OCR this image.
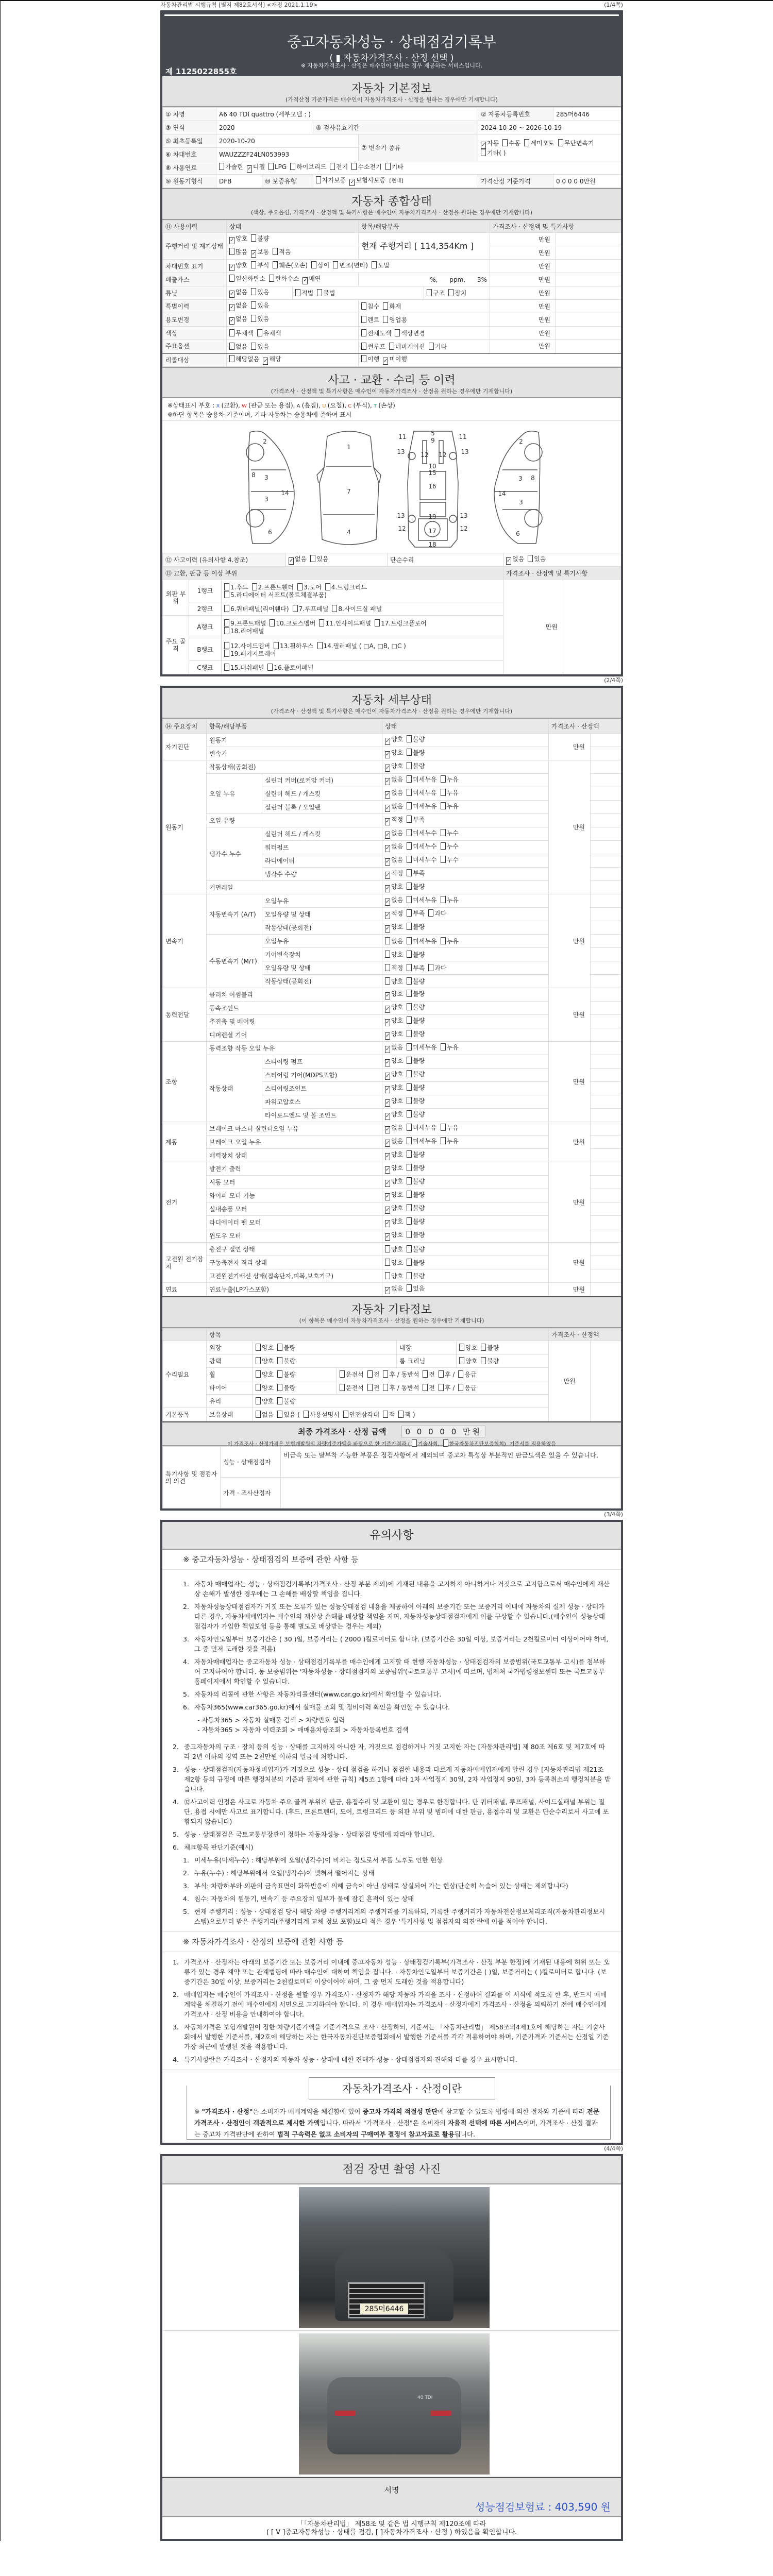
자동차관리법 시행규칙 [별지 제82호서식] <개정 2021.1.19>	(1/4쪽)
중고자동차성능 · 상태점검기록부
( ▮ 자동차가격조사 · 산정 선택 )
※ 자동차가격조사 · 산정은 매수인이 원하는 경우 제공하는 서비스입니다.
제 1125022855호
자동차 기본정보
(가격산정 기준가격은 매수인이 자동차가격조사 · 산정을 원하는 경우에만 기재합니다)
① 차명	A6 40 TDI quattro (세부모델 : )				② 자동차등록번호	285머6446
③ 연식	2020		④ 검사유효기간		2024-10-20 ~ 2026-10-19	
⑤ 최초등록일	2020-10-20			⑦ 변속기 종류	✓ 자동 수동 세미오토 무단변속기기타( )	
⑥ 차대번호	WAUZZZF24LN053993					
⑧ 사용연료	가솔린 ✓ 디젤 LPG 하이브리드 전기 수소전기 기타					
⑨ 원동기형식	DFB	⑩ 보증유형	자가보증 ✓ 보험사보증 [현대]		가격산정 기준가격	0 0 0 0 0만원
자동차 종합상태
(색상, 주요옵션, 가격조사 · 산정액 및 특기사항은 매수인이 자동차가격조사 · 산정을 원하는 경우에만 기재합니다)
⑪ 사용이력	상태		항목/해당부품		가격조사 · 산정액 및 특기사항	
주행거리 및 계기상태	✓ 양호 불량		현재 주행거리 [ 114,354Km ]		만원	
	많음 ✓ 보통 적음				만원	
차대번호 표기	✓ 양호 부식 훼손(오손) 상이 변조(변타) 도말				만원	
배출가스	일산화탄소 탄화수소 ✓ 매연		%,      ppm,      3%		만원	
튜닝	✓ 없음 있음	적법 불법		구조 장치	만원	
특별이력	✓ 없음 있음		침수 화재		만원	
용도변경	✓ 없음 있음		렌트 영업용		만원	
색상	무채색 유채색		전체도색 색상변경		만원	
주요옵션	없음 있음		썬루프 네비게이션 기타		만원	
리콜대상	해당없음 ✓ 해당		이행 ✓ 미이행			
사고 · 교환 · 수리 등 이력
(가격조사 · 산정액 및 특기사항은 매수인이 자동차가격조사 · 산정을 원하는 경우에만 기재합니다)
※상태표시 부호 : X (교환), W (판금 또는 용접), A (흠집), U (요철), C (부식), T (손상)
※하단 항목은 승용차 기준이며, 기타 자동차는 승용차에 준하여 표시
2
8 3
14
3
6
1
7
4
5
9
11	11
13	13
12 12
10
15
16
13	13
19
12	12
17
18
2
8
3
14
3
6
⑫ 사고이력 (유의사항 4.참조)	✓ 없음 있음	단순수리	✓ 없음 있음
⑬ 교환, 판금 등 이상 부위			가격조사 · 산정액 및 특기사항	
외판 부위	1랭크	1.후드 2.프론트휀더 3.도어 4.트렁크리드
5.라디에이터 서포트(볼트체결부품)	만원	
	2랭크	6.쿼터패널(리어휀다) 7.루프패널 8.사이드실 패널		

주요 골격	A랭크	9.프론트패널 10.크로스멤버 11.인사이드패널 17.트렁크플로어
18.리어패널		

	B랭크	12.사이드멤버 13.휠하우스 14.필러패널 ( □A, □B, □C )
19.패키지트레이		

	C랭크	15.대쉬패널 16.플로어패널		
(2/4쪽)
자동차 세부상태
(가격조사 · 산정액 및 특기사항은 매수인이 자동차가격조사 · 산정을 원하는 경우에만 기재합니다)
⑭ 주요장치	항목/해당부품		상태	가격조사 · 산정액	
자기진단	원동기		✓ 양호 불량	만원	
	변속기		✓ 양호 불량		
원동기	작동상태(공회전)		✓ 양호 불량	만원	
	오일 누유	실린더 커버(로커암 커버)	✓ 없음 미세누유 누유		
		실린더 헤드 / 개스킷	✓ 없음 미세누유 누유		
		실린더 블록 / 오일팬	✓ 없음 미세누유 누유		
	오일 유량		✓ 적정 부족		
	냉각수 누수	실린더 헤드 / 개스킷	✓ 없음 미세누수 누수		
		워터펌프	✓ 없음 미세누수 누수		
		라디에이터	✓ 없음 미세누수 누수		
		냉각수 수량	✓ 적정 부족		
	커먼레일		✓ 양호 불량		
변속기	자동변속기 (A/T)	오일누유	✓ 없음 미세누유 누유	만원	
		오일유량 및 상태	✓ 적정 부족 과다		
		작동상태(공회전)	✓ 양호 불량		
	수동변속기 (M/T)	오일누유	없음 미세누유 누유		
		기어변속장치	양호 불량		
		오일유량 및 상태	적정 부족 과다		
		작동상태(공회전)	양호 불량		
동력전달	클러치 어셈블리		✓ 양호 불량	만원	
	등속조인트		✓ 양호 불량		
	추진축 및 베어링		✓ 양호 불량		
	디퍼렌셜 기어		✓ 양호 불량		
조향	동력조향 작동 오일 누유		✓ 없음 미세누유 누유	만원	
	작동상태	스티어링 펌프	✓ 양호 불량		
		스티어링 기어(MDPS포함)	✓ 양호 불량		
		스티어링조인트	✓ 양호 불량		
		파워고압호스	✓ 양호 불량		
		타이로드엔드 및 볼 조인트	✓ 양호 불량		
제동	브레이크 마스터 실린더오일 누유		✓ 없음 미세누유 누유	만원	
	브레이크 오일 누유		✓ 없음 미세누유 누유		
	배력장치 상태		✓ 양호 불량		
전기	발전기 출력		✓ 양호 불량	만원	
	시동 모터		✓ 양호 불량		
	와이퍼 모터 기능		✓ 양호 불량		
	실내송풍 모터		✓ 양호 불량		
	라디에이터 팬 모터		✓ 양호 불량		
	윈도우 모터		✓ 양호 불량		
고전원 전기장치	충전구 절연 상태		양호 불량	만원	
	구동축전지 격리 상태		양호 불량		
	고전원전기배선 상태(접속단자,피복,보호기구)		양호 불량		
연료	연료누출(LP가스포함)		✓ 없음 있음	만원	
자동차 기타정보
(이 항목은 매수인이 자동차가격조사 · 산정을 원하는 경우에만 기재합니다)
	항목					가격조사 · 산정액	
수리필요	외장	양호 불량		내장	양호 불량	만원	
	광택	양호 불량		룸 크리닝	양호 불량		
	휠	양호 불량	운전석 전 후 / 동반석 전 후 / 응급				
	타이어	양호 불량	운전석 전 후 / 동반석 전 후 / 응급				
	유리	양호 불량					
기본품목	보유상태	없음 있음 ( 사용설명서 안전삼각대 잭 잭 )					
최종 가격조사 · 산정 금액 0 0 0 0 0 만원
이 가격조사 · 산정가격은 보험개발원의 차량기준가액을 바탕으로 한 기준가격과 ( 기술사회, 한국자동차진단보증협회) 기준서를 적용하였음
특기사항 및 점검자의 의견	성능 · 상태점검자	비금속 또는 탈부착 가능한 부품은 점검사항에서 제외되며 중고차 특성상 부분적인 판금도색은 있을 수 있습니다.
	가격 · 조사산정자	
(3/4쪽)
유의사항
※ 중고자동차성능 · 상태점검의 보증에 관한 사항 등
1. 자동차 매매업자는 성능 · 상태점검기록부(가격조사 · 산정 부분 제외)에 기재된 내용을 고지하지 아니하거나 거짓으로 고지함으로써 매수인에게 재산상 손해가 발생한 경우에는 그 손해를 배상할 책임을 집니다.
2. 자동차성능상태점검자가 거짓 또는 오류가 있는 성능상태점검 내용을 제공하여 아래의 보증기간 또는 보증거리 이내에 자동차의 실제 성능 · 상태가 다른 경우, 자동차매매업자는 매수인의 재산상 손해를 배상할 책임을 지며, 자동차성능상태점검자에게 이를 구상할 수 있습니다.(매수인이 성능상태점검자가 가입한 책임보험 등을 통해 별도로 배상받는 경우는 제외)
3. 자동차인도일부터 보증기간은 ( 30 )일, 보증거리는 ( 2000 )킬로미터로 합니다. (보증기간은 30일 이상, 보증거리는 2천킬로미터 이상이어야 하며, 그 중 먼저 도래한 것을 적용)
4. 자동차매매업자는 중고자동차 성능 · 상태점검기록부를 매수인에게 고지할 때 현행 자동차성능 · 상태점검자의 보증범위(국토교통부 고시)를 첨부하여 고지하여야 합니다. 동 보증범위는 '자동차성능 · 상태점검자의 보증범위'(국토교통부 고시)에 따르며, 법제처 국가법령정보센터 또는 국토교통부 홈페이지에서 확인할 수 있습니다.
5. 자동차의 리콜에 관한 사항은 자동차리콜센터(www.car.go.kr)에서 확인할 수 있습니다.
6. 자동차365(www.car365.go.kr)에서 실매물 조회 및 정비이력 확인을 확인할 수 있습니다.
- 자동차365 > 자동차 실매물 검색 > 차량번호 입력
- 자동차365 > 자동차 이력조회 > 매매용차량조회 > 자동차등록번호 검색
2. 중고자동차의 구조 · 장치 등의 성능 · 상태를 고지하지 아니한 자, 거짓으로 점검하거나 거짓 고지한 자는 [자동차관리법] 제 80조 제6호 및 제7호에 따라 2년 이하의 징역 또는 2천만원 이하의 벌금에 처합니다.
3. 성능 · 상태점검자(자동차정비업자)가 거짓으로 성능 · 상태 점검을 하거나 점검한 내용과 다르게 자동차매매업자에게 알린 경우 [자동차관리법 제21조 제2항 등의 규정에 따른 행정처분의 기준과 절차에 관한 규칙] 제5조 1항에 따라 1차 사업정지 30일, 2차 사업정지 90일, 3차 등록취소의 행정처분을 받습니다.
4. ⑫사고이력 인정은 사고로 자동차 주요 골격 부위의 판금, 용접수리 및 교환이 있는 경우로 한정합니다. 단 쿼터패널, 루프패널, 사이드실패널 부위는 절단, 용접 시에만 사고로 표기합니다. (후드, 프론트펜더, 도어, 트렁크리드 등 외판 부위 및 범퍼에 대한 판금, 용접수리 및 교환은 단순수리로서 사고에 포함되지 않습니다)
5. 성능 · 상태점검은 국토교통부장관이 정하는 자동차성능 · 상태점검 방법에 따라야 합니다.
6. 체크항목 판단기준(예시)
1. 미세누유(미세누수) : 해당부위에 오일(냉각수)이 비치는 정도로서 부품 노후로 인한 현상
2. 누유(누수) : 해당부위에서 오일(냉각수)이 맺혀서 떨어지는 상태
3. 부식: 차량하부와 외판의 금속표면이 화학반응에 의해 금속이 아닌 상태로 상실되어 가는 현상(단순히 녹슬어 있는 상태는 제외합니다)
4. 침수: 자동차의 원동기, 변속기 등 주요장치 일부가 물에 잠긴 흔적이 있는 상태
5. 현재 주행거리 : 성능 · 상태점검 당시 해당 차량 주행거리계의 주행거리를 기록하되, 기록한 주행거리가 자동차전산정보처리조직(자동차관리정보시스템)으로부터 받은 주행거리(주행거리계 교체 정보 포함)보다 적은 경우 '특기사항 및 점검자의 의견'란에 이를 적어야 합니다.
※ 자동차가격조사 · 산정의 보증에 관한 사항 등
1. 가격조사 · 산정자는 아래의 보증기간 또는 보증거리 이내에 중고자동차 성능 · 상태점검기록부(가격조사 · 산정 부분 한정)에 기재된 내용에 허위 또는 오류가 있는 경우 계약 또는 관계법령에 따라 매수인에 대하여 책임을 집니다. · 자동차인도일부터 보증기간은 ( )일, 보증거리는 ( )킬로미터로 합니다. (보증기간은 30일 이상, 보증거리는 2천킬로미터 이상이어야 하며, 그 중 먼저 도래한 것을 적용합니다)
2. 매매업자는 매수인이 가격조사 · 산정을 원할 경우 가격조사 · 산정자가 해당 자동차 가격을 조사 · 산정하여 결과를 이 서식에 적도록 한 후, 반드시 매매계약을 체결하기 전에 매수인에게 서면으로 고지하여야 합니다. 이 경우 매매업자는 가격조사 · 산정자에게 가격조사 · 산정을 의뢰하기 전에 매수인에게 가격조사 · 산정 비용을 안내하여야 합니다.
3. 자동차가격은 보험개발원이 정한 차량기준가액을 기준가격으로 조사 · 산정하되, 기준서는 「자동차관리법」 제58조의4제1호에 해당하는 자는 기술사회에서 발행한 기준서를, 제2호에 해당하는 자는 한국자동차진단보증협회에서 발행한 기준서를 각각 적용하여야 하며, 기준가격과 기준서는 산정일 기준 가장 최근에 발행된 것을 적용합니다.
4. 특기사항란은 가격조사 · 산정자의 자동차 성능 · 상태에 대한 견해가 성능 · 상태점검자의 견해와 다를 경우 표시합니다.
※ "가격조사 · 산정"은 소비자가 매매계약을 체결함에 있어 중고차 가격의 적절성 판단에 참고할 수 있도록 법령에 의한 절차와 기준에 따라 전문 가격조사 · 산정인이 객관적으로 제시한 가액입니다. 따라서 "가격조사 · 산정"은 소비자의 자율적 선택에 따른 서비스이며, 가격조사 · 산정 결과는 중고차 가격판단에 관하여 법적 구속력은 없고 소비자의 구매여부 결정에 참고자료로 활용됩니다.
자동차가격조사 · 산정이란
(4/4쪽)
점검 장면 촬영 사진
285머6446
40 TDI
서명
성능점검보험료 : 403,590 원
「「자동차관리법」 제58조 및 같은 법 시행규칙 제120조에 따라
( [ V ]중고자동차성능 · 상태를 점검, [ ]자동차가격조사 · 산정 ) 하였음을 확인합니다.
